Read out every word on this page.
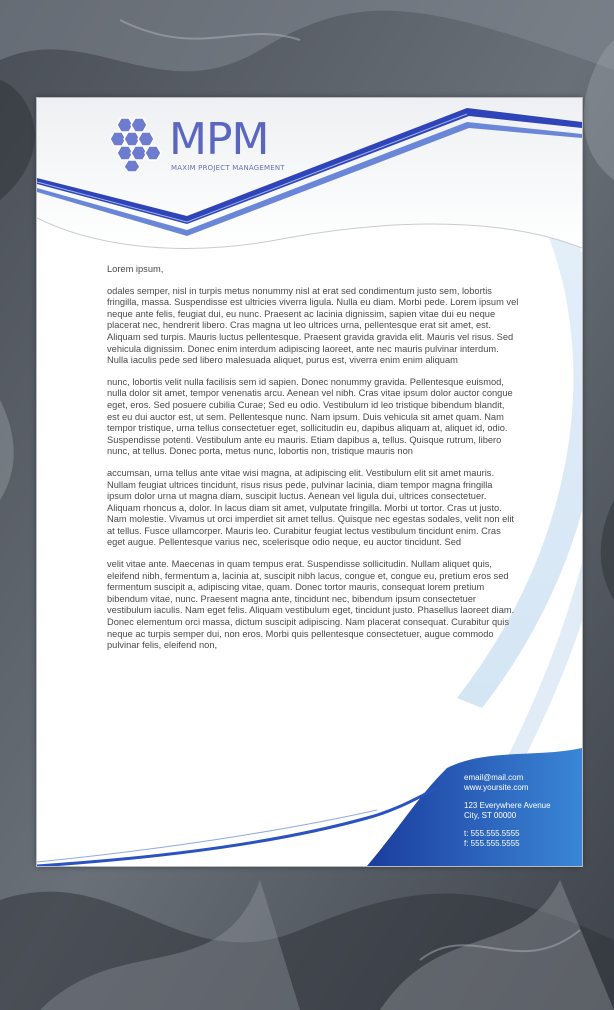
MPM
MAXIM PROJECT MANAGEMENT

Lorem ipsum,

odales semper, nisl in turpis metus nonummy nisl at erat sed condimentum justo sem, lobortis fringilla, massa. Suspendisse est ultricies viverra ligula. Nulla eu diam. Morbi pede. Lorem ipsum vel neque ante felis, feugiat dui, eu nunc. Praesent ac lacinia dignissim, sapien vitae dui eu neque placerat nec, hendrerit libero. Cras magna ut leo ultrices urna, pellentesque erat sit amet, est. Aliquam sed turpis. Mauris luctus pellentesque. Praesent gravida gravida elit. Mauris vel risus. Sed vehicula dignissim. Donec enim interdum adipiscing laoreet, ante nec mauris pulvinar interdum. Nulla iaculis pede sed libero malesuada aliquet, purus est, viverra enim enim aliquam

nunc, lobortis velit nulla facilisis sem id sapien. Donec nonummy gravida. Pellentesque euismod, nulla dolor sit amet, tempor venenatis arcu. Aenean vel nibh. Cras vitae ipsum dolor auctor congue eget, eros. Sed posuere cubilia Curae; Sed eu odio. Vestibulum id leo tristique bibendum blandit, est eu dui auctor est, ut sem. Pellentesque nunc. Nam ipsum. Duis vehicula sit amet quam. Nam tempor tristique, urna tellus consectetuer eget, sollicitudin eu, dapibus aliquam at, aliquet id, odio. Suspendisse potenti. Vestibulum ante eu mauris. Etiam dapibus a, tellus. Quisque rutrum, libero nunc, at tellus. Donec porta, metus nunc, lobortis non, tristique mauris non

accumsan, urna tellus ante vitae wisi magna, at adipiscing elit. Vestibulum elit sit amet mauris. Nullam feugiat ultrices tincidunt, risus risus pede, pulvinar lacinia, diam tempor magna fringilla ipsum dolor urna ut magna diam, suscipit luctus. Aenean vel ligula dui, ultrices consectetuer. Aliquam rhoncus a, dolor. In lacus diam sit amet, vulputate fringilla. Morbi ut tortor. Cras ut justo. Nam molestie. Vivamus ut orci imperdiet sit amet tellus. Quisque nec egestas sodales, velit non elit at tellus. Fusce ullamcorper. Mauris leo. Curabitur feugiat lectus vestibulum tincidunt enim. Cras eget augue. Pellentesque varius nec, scelerisque odio neque, eu auctor tincidunt. Sed

velit vitae ante. Maecenas in quam tempus erat. Suspendisse sollicitudin. Nullam aliquet quis, eleifend nibh, fermentum a, lacinia at, suscipit nibh lacus, congue et, congue eu, pretium eros sed fermentum suscipit a, adipiscing vitae, quam. Donec tortor mauris, consequat lorem pretium bibendum vitae, nunc. Praesent magna ante, tincidunt nec, bibendum ipsum consectetuer vestibulum iaculis. Nam eget felis. Aliquam vestibulum eget, tincidunt justo. Phasellus laoreet diam. Donec elementum orci massa, dictum suscipit adipiscing. Nam placerat consequat. Curabitur quis neque ac turpis semper dui, non eros. Morbi quis pellentesque consectetuer, augue commodo pulvinar felis, eleifend non,

email@mail.com
www.yoursite.com
123 Everywhere Avenue
City, ST 00000
t: 555.555.5555
f: 555.555.5555
